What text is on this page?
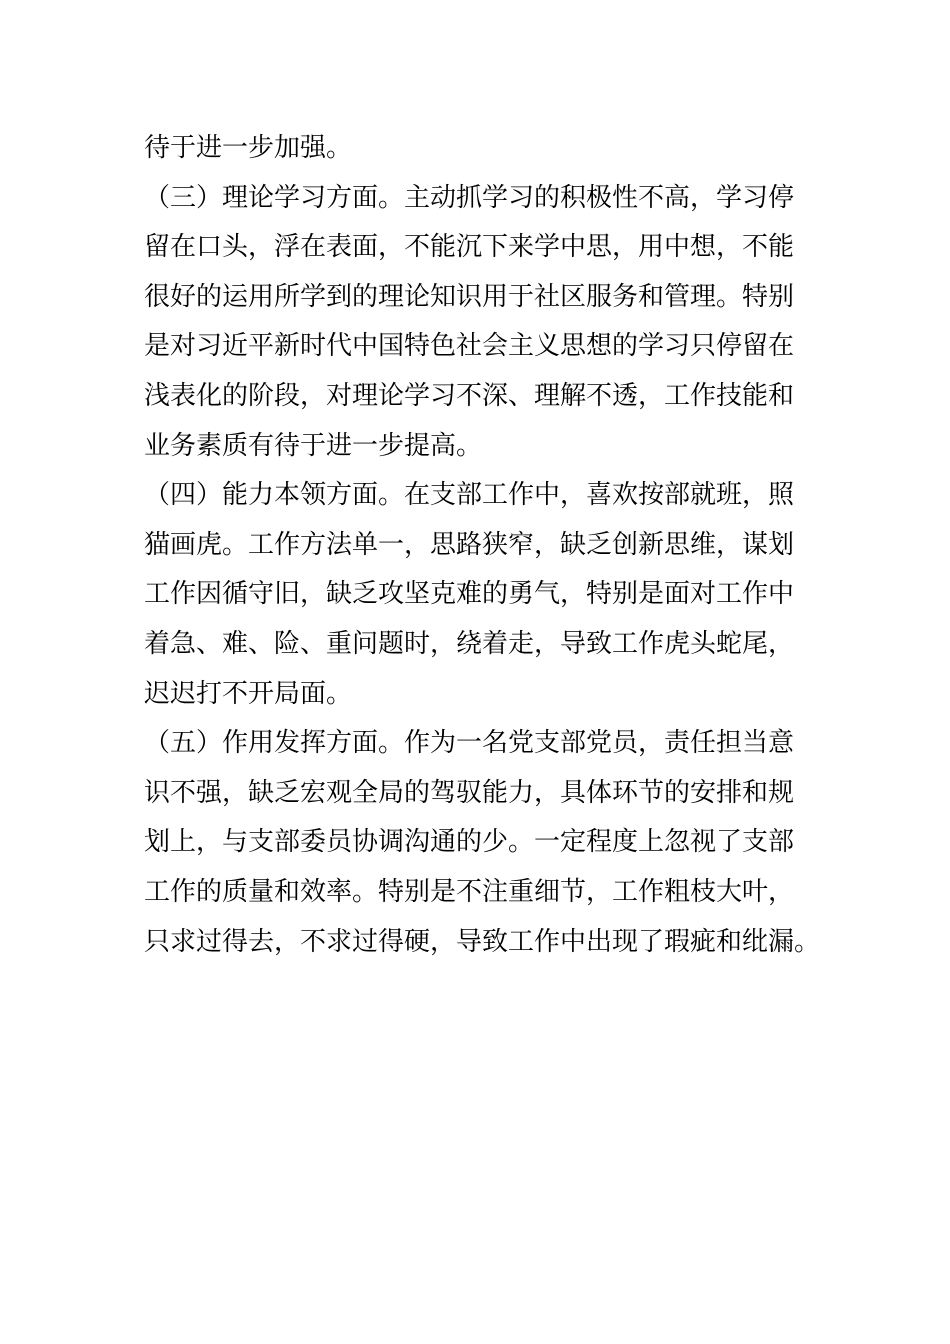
待于进一步加强。
（三）理论学习方面。主动抓学习的积极性不高，学习停
留在口头，浮在表面，不能沉下来学中思，用中想，不能
很好的运用所学到的理论知识用于社区服务和管理。特别
是对习近平新时代中国特色社会主义思想的学习只停留在
浅表化的阶段，对理论学习不深、理解不透，工作技能和
业务素质有待于进一步提高。
（四）能力本领方面。在支部工作中，喜欢按部就班，照
猫画虎。工作方法单一，思路狭窄，缺乏创新思维，谋划
工作因循守旧，缺乏攻坚克难的勇气，特别是面对工作中
着急、难、险、重问题时，绕着走，导致工作虎头蛇尾，
迟迟打不开局面。
（五）作用发挥方面。作为一名党支部党员，责任担当意
识不强，缺乏宏观全局的驾驭能力，具体环节的安排和规
划上，与支部委员协调沟通的少。一定程度上忽视了支部
工作的质量和效率。特别是不注重细节，工作粗枝大叶，
只求过得去，不求过得硬，导致工作中出现了瑕疵和纰漏。
